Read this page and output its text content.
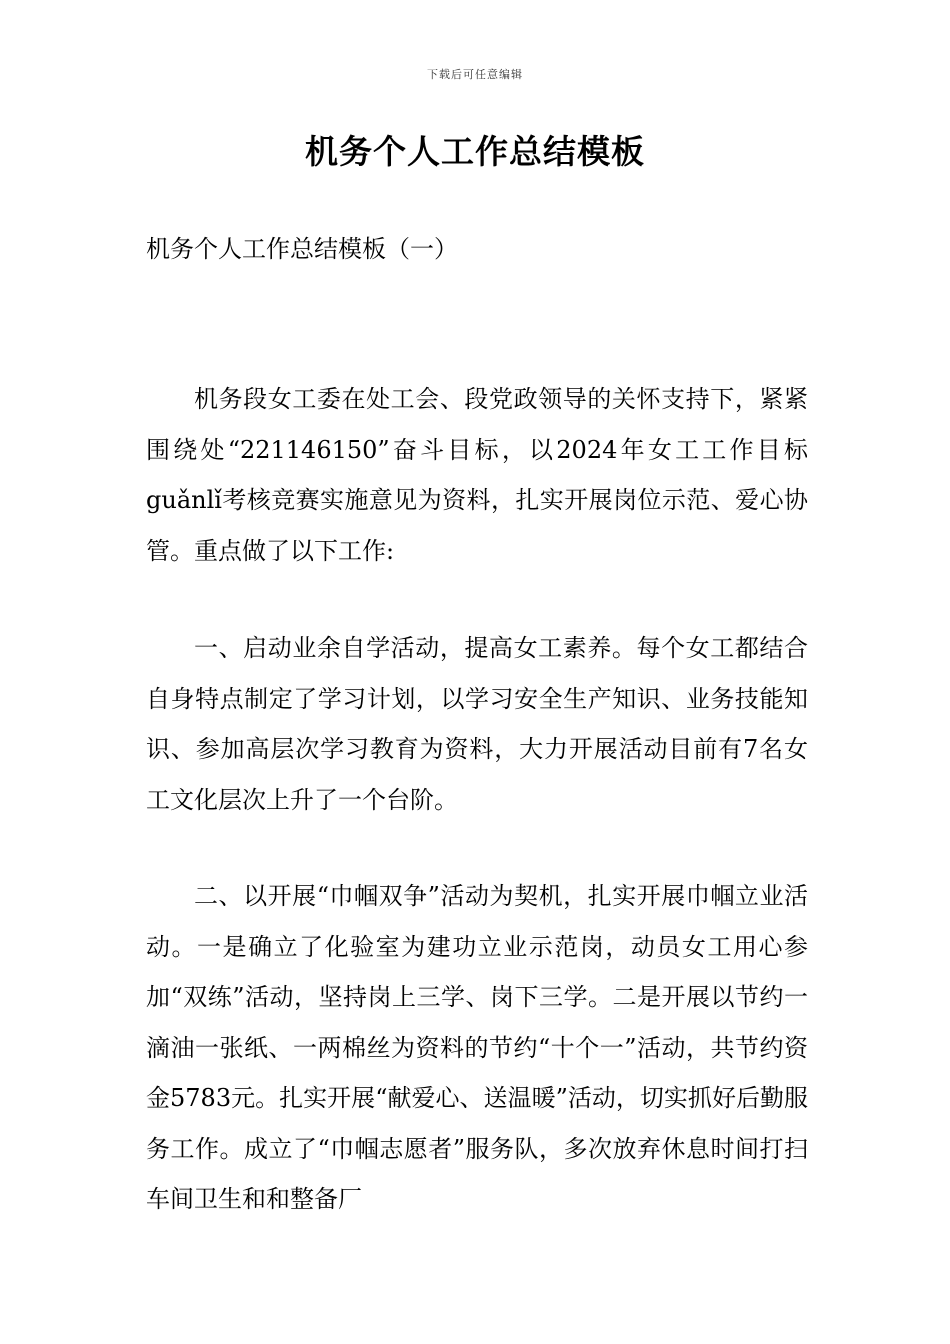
下载后可任意编辑
机务个人工作总结模板

机务个人工作总结模板（一）

机务段女工委在处工会、段党政领导的关怀支持下，紧紧围绕处“221146150”奋斗目标，以2024年女工工作目标guǎnlǐ考核竞赛实施意见为资料，扎实开展岗位示范、爱心协管。重点做了以下工作:

一、启动业余自学活动，提高女工素养。每个女工都结合自身特点制定了学习计划，以学习安全生产知识、业务技能知识、参加高层次学习教育为资料，大力开展活动目前有7名女工文化层次上升了一个台阶。

二、以开展“巾帼双争”活动为契机，扎实开展巾帼立业活动。一是确立了化验室为建功立业示范岗，动员女工用心参加“双练”活动，坚持岗上三学、岗下三学。二是开展以节约一滴油一张纸、一两棉丝为资料的节约“十个一”活动，共节约资金5783元。扎实开展“献爱心、送温暖”活动，切实抓好后勤服务工作。成立了“巾帼志愿者”服务队，多次放弃休息时间打扫车间卫生和和整备厂
